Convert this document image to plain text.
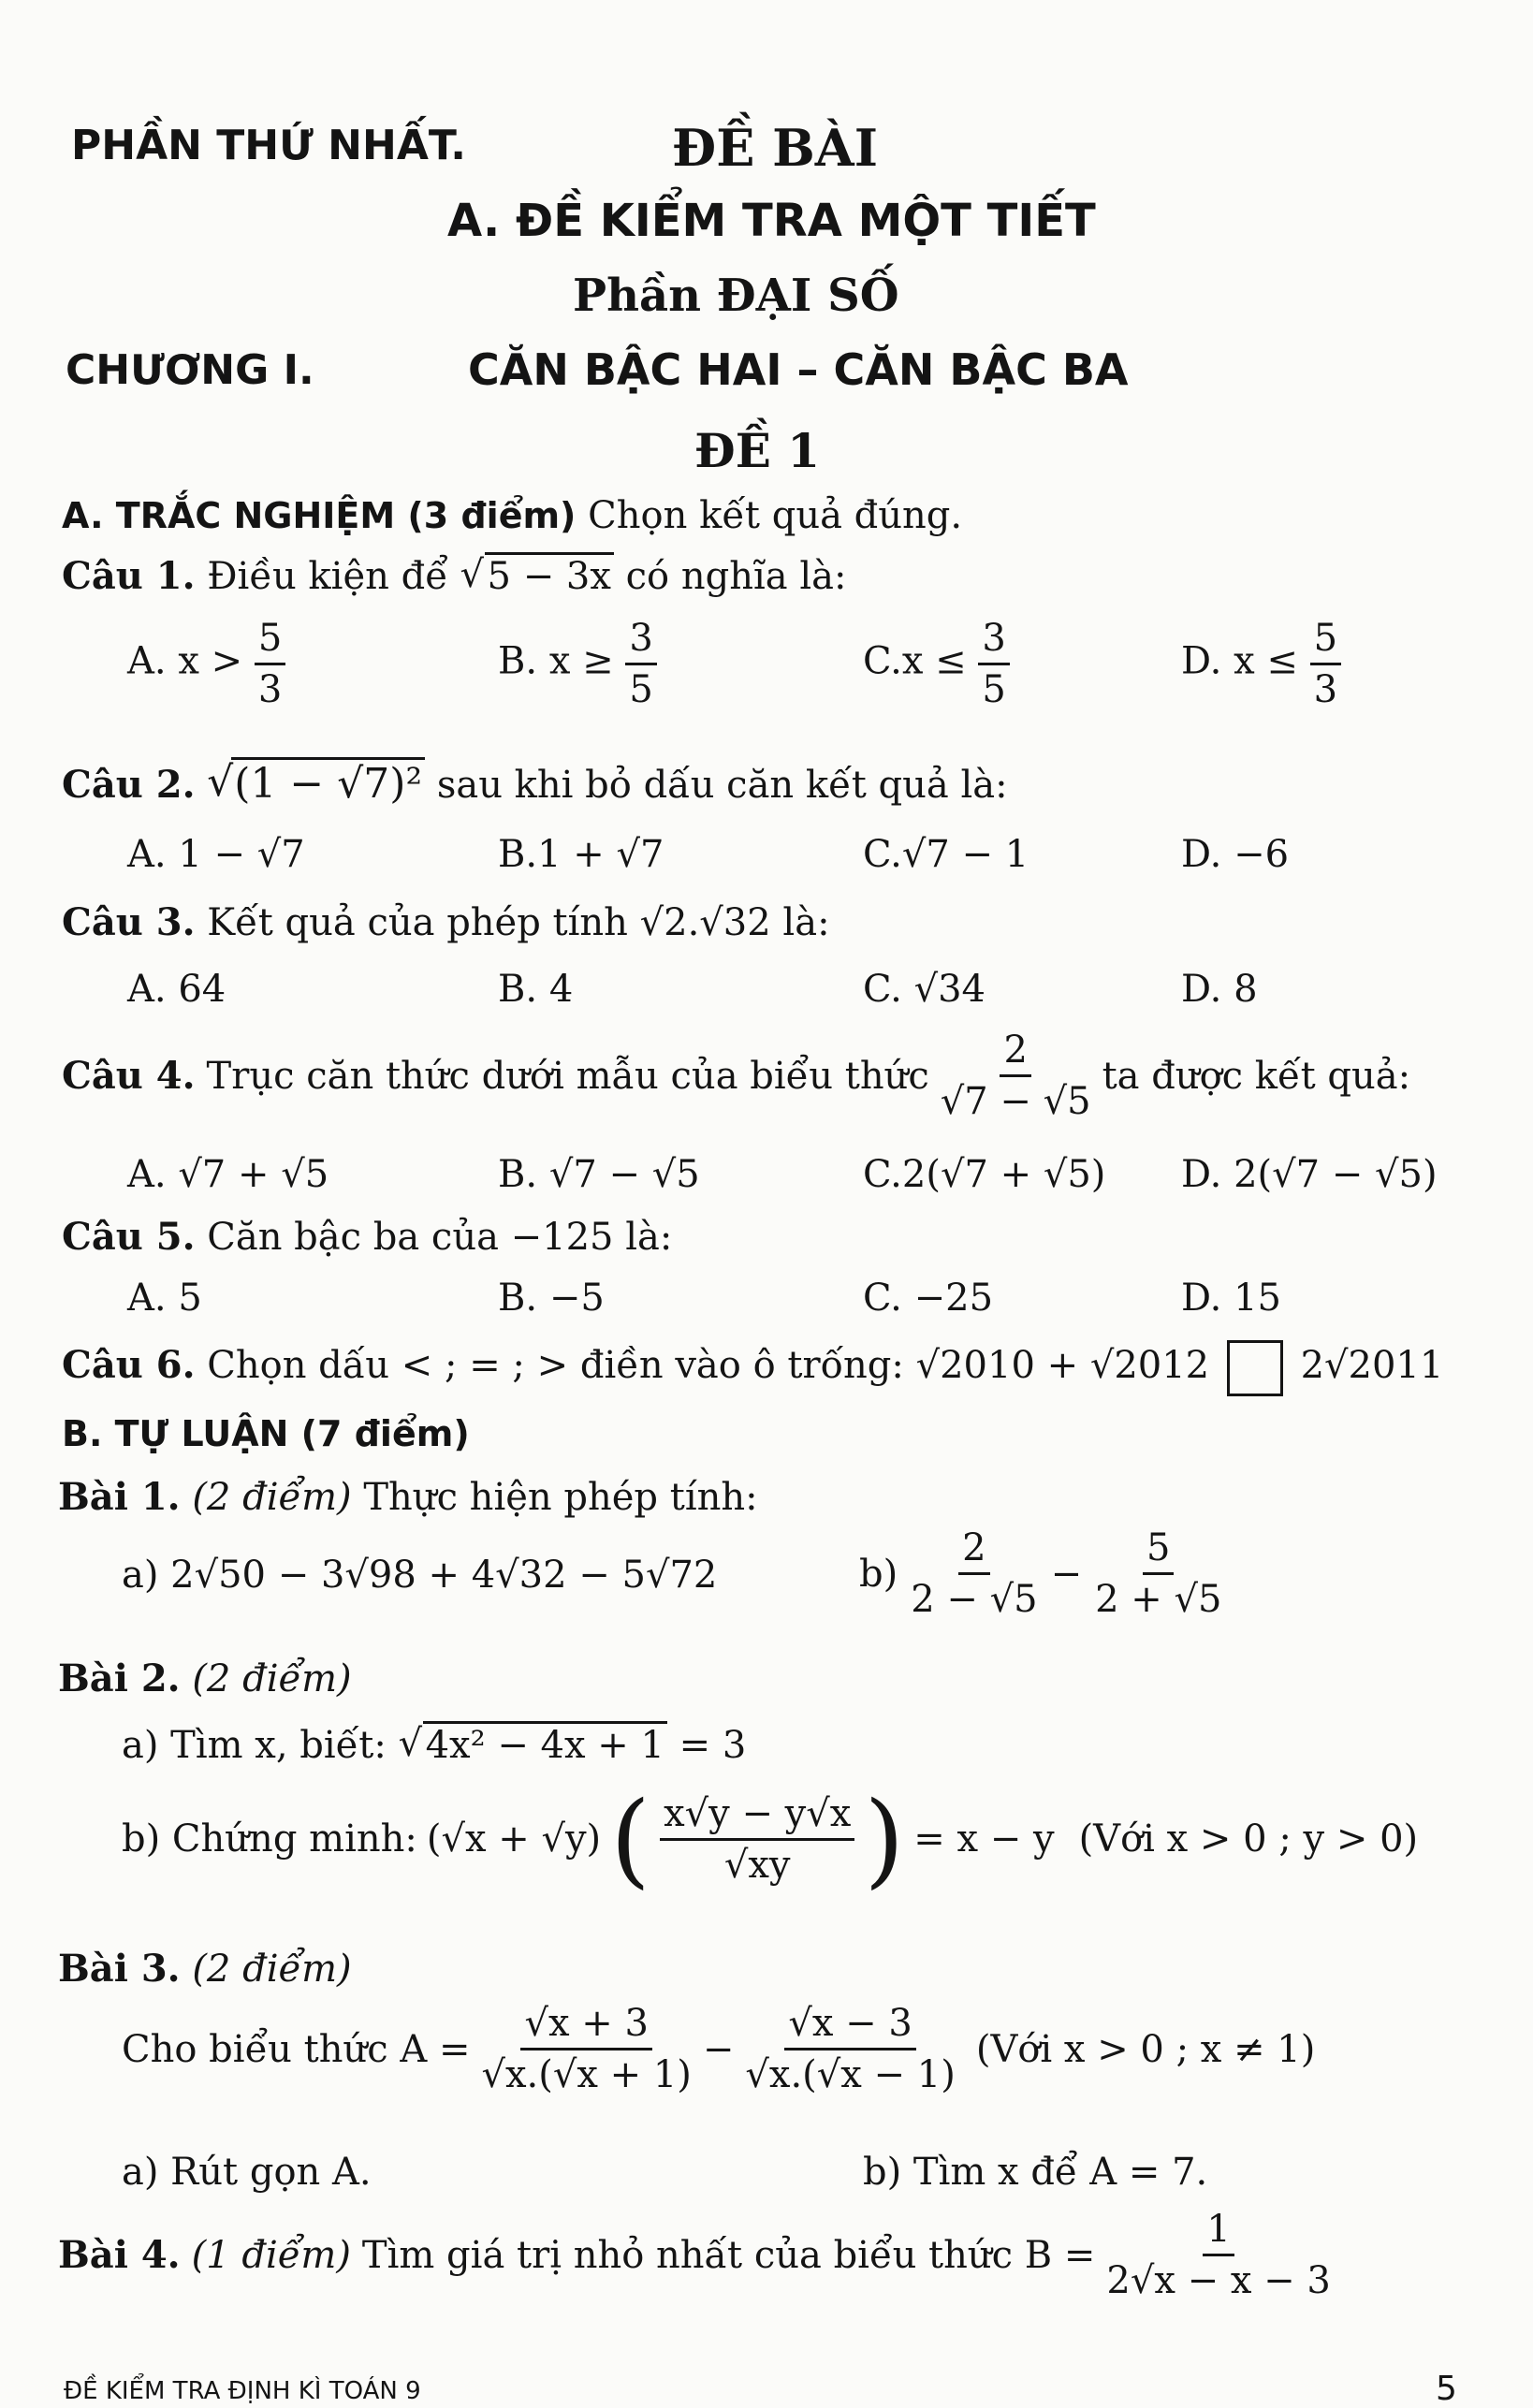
PHẦN THỨ NHẤT.	ĐỀ BÀI
A. ĐỀ KIỂM TRA MỘT TIẾT
Phần ĐẠI SỐ
CHƯƠNG I.	CĂN BẬC HAI – CĂN BẬC BA
ĐỀ 1
A. TRẮC NGHIỆM (3 điểm) Chọn kết quả đúng.
Câu 1. Điều kiện để √ 5 − 3x có nghĩa là:
A. $x > \frac{5}{3}$	B. $x \ge \frac{3}{5}$	$C.x \le \frac{3}{5}$	D. $x \le \frac{5}{3}$
Câu 2. √ (1 − √7)² sau khi bỏ dấu căn kết quả là:
A. 1 − √7	B.1 + √7	C.√7 − 1	D. −6
Câu 3. Kết quả của phép tính √2.√32 là:
A. 64	B. 4	C. √34	D. 8
Câu 4. Trục căn thức dưới mẫu của biểu thức $\frac{2}{√7 - √5}$ ta được kết quả:
A. √7 + √5	B. √7 − √5	C.2(√7 + √5) D. 2(√7 − √5)
Câu 5. Căn bậc ba của −125 là:
A. 5	B. −5	C. −25	D. 15
Câu 6. Chọn dấu < ; = ; > điền vào ô trống: √2010 + √2012 2√2011
B. TỰ LUẬN (7 điểm)
Bài 1. (2 điểm) Thực hiện phép tính:
a) 2√50 − 3√98 + 4√32 − 5√72	$b) \frac{2}{2 - √5} - \frac{5}{2 + √5}$
Bài 2. (2 điểm)
a) Tìm x, biết: √ 4x² − 4x + 1 = 3
b) Chứng minh: (√x + √y) ( $\frac{x√y - y√x}{√xy}$ ) = x − y (Với x > 0 ; y > 0)
Bài 3. (2 điểm)
Cho biểu thức $A = \frac{√x + 3}{√x.(√x + 1)} - \frac{√x - 3}{√x.(√x - 1)}$ (Với x > 0 ; x ≠ 1)
a) Rút gọn A.	b) Tìm x để A = 7.
Bài 4. (1 điểm) Tìm giá trị nhỏ nhất của biểu thức $B = \frac{1}{2√x - x - 3}$
ĐỀ KIỂM TRA ĐỊNH KÌ TOÁN 9	5
